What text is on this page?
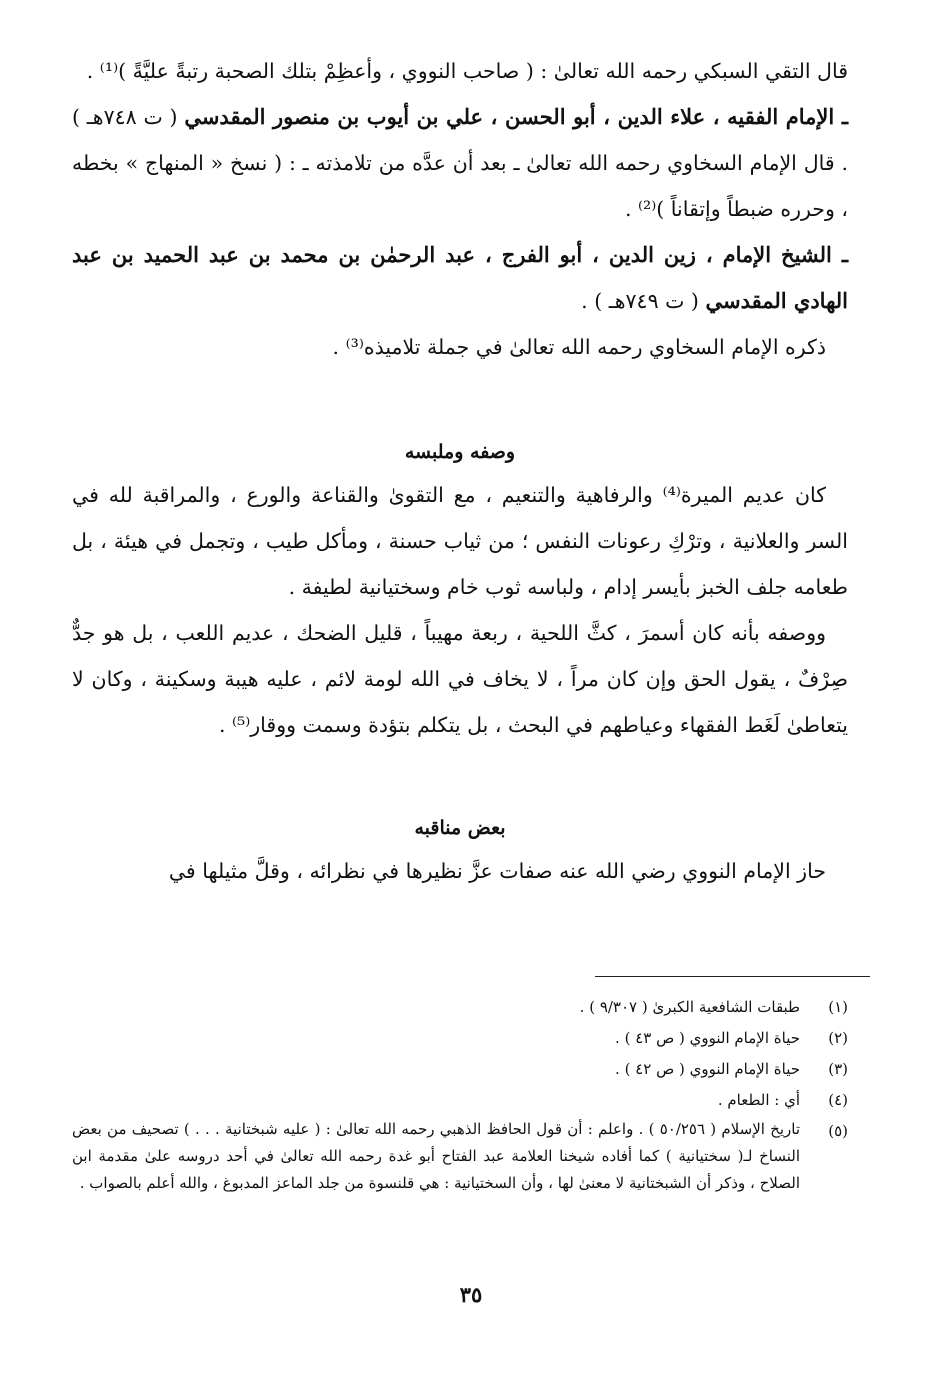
قال التقي السبكي رحمه الله تعالىٰ : ( صاحب النووي ، وأعظِمْ بتلك الصحبة رتبةً عليَّةً )⁽¹⁾ .

ـ الإمام الفقيه ، علاء الدين ، أبو الحسن ، علي بن أيوب بن منصور المقدسي ( ت ٧٤٨هـ ) . قال الإمام السخاوي رحمه الله تعالىٰ ـ بعد أن عدَّه من تلامذته ـ : ( نسخ « المنهاج » بخطه ، وحرره ضبطاً وإتقاناً )⁽²⁾ .

ـ الشيخ الإمام ، زين الدين ، أبو الفرج ، عبد الرحمٰن بن محمد بن عبد الحميد بن عبد الهادي المقدسي ( ت ٧٤٩هـ ) .

ذكره الإمام السخاوي رحمه الله تعالىٰ في جملة تلاميذه⁽³⁾ .

وصفه وملبسه

كان عديم الميرة⁽⁴⁾ والرفاهية والتنعيم ، مع التقوىٰ والقناعة والورع ، والمراقبة لله في السر والعلانية ، وترْكِ رعونات النفس ؛ من ثياب حسنة ، ومأكل طيب ، وتجمل في هيئة ، بل طعامه جلف الخبز بأيسر إدام ، ولباسه ثوب خام وسختيانية لطيفة .

ووصفه بأنه كان أسمرَ ، كثَّ اللحية ، ربعة مهيباً ، قليل الضحك ، عديم اللعب ، بل هو جدٌّ صِرْفٌ ، يقول الحق وإن كان مراً ، لا يخاف في الله لومة لائم ، عليه هيبة وسكينة ، وكان لا يتعاطىٰ لَغَط الفقهاء وعياطهم في البحث ، بل يتكلم بتؤدة وسمت ووقار⁽⁵⁾ .

بعض مناقبه

حاز الإمام النووي رضي الله عنه صفات عزَّ نظيرها في نظرائه ، وقلَّ مثيلها في

(١)
طبقات الشافعية الكبرىٰ ( ٩/٣٠٧ ) .
(٢)
حياة الإمام النووي ( ص ٤٣ ) .
(٣)
حياة الإمام النووي ( ص ٤٢ ) .
(٤)
أي : الطعام .
(٥)
تاريخ الإسلام ( ٥٠/٢٥٦ ) . واعلم : أن قول الحافظ الذهبي رحمه الله تعالىٰ : ( عليه شبختانية . . . ) تصحيف من بعض النساخ لـ( سختيانية ) كما أفاده شيخنا العلامة عبد الفتاح أبو غدة رحمه الله تعالىٰ في أحد دروسه علىٰ مقدمة ابن الصلاح ، وذكر أن الشبختانية لا معنىٰ لها ، وأن السختيانية : هي قلنسوة من جلد الماعز المدبوغ ، والله أعلم بالصواب .
٣٥
